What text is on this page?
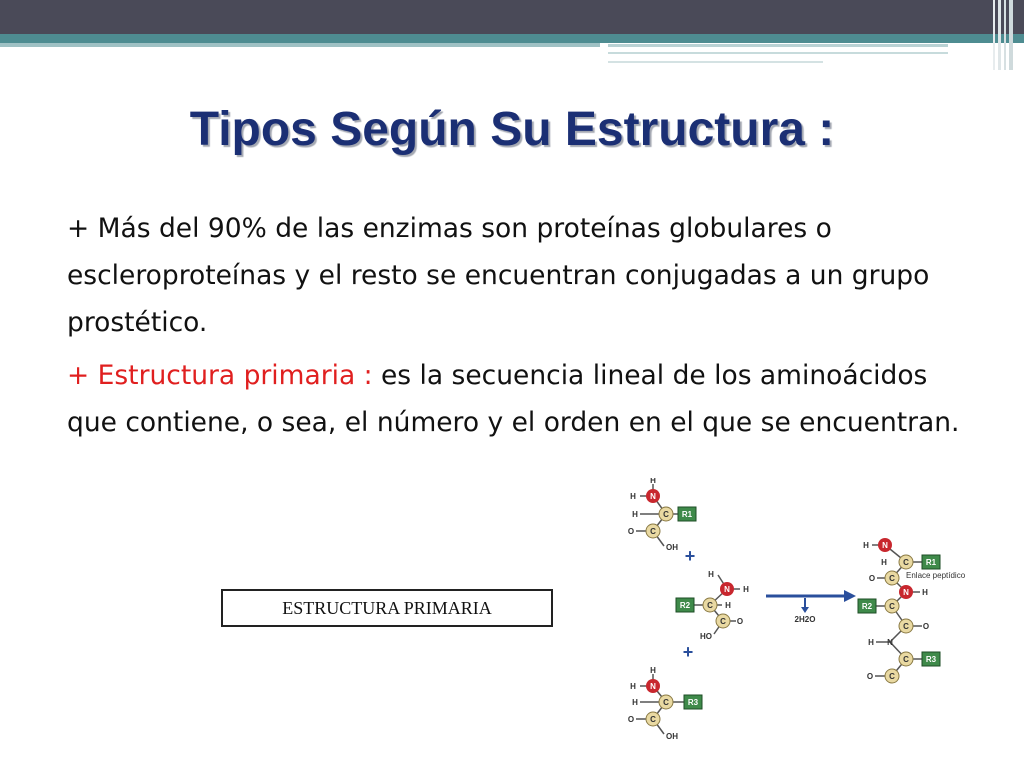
Tipos Según Su Estructura :

+ Más del 90% de las enzimas son proteínas globulares o escleroproteínas y el resto se encuentran conjugadas a un grupo prostético.

+ Estructura primaria : es la secuencia lineal de los aminoácidos que contiene, o sea, el número y el orden en el que se encuentran.

ESTRUCTURA PRIMARIA
N
H
H
C
H	R1
C
O
OH +
H
N H
R2 C H
C O
HO
+
N
H
H
C
H	R3
C
O
OH
2H2O
H N
C
H	R1
C
O	Enlace peptídico
N H
R2 C
C O
H N
C R3
C
O
